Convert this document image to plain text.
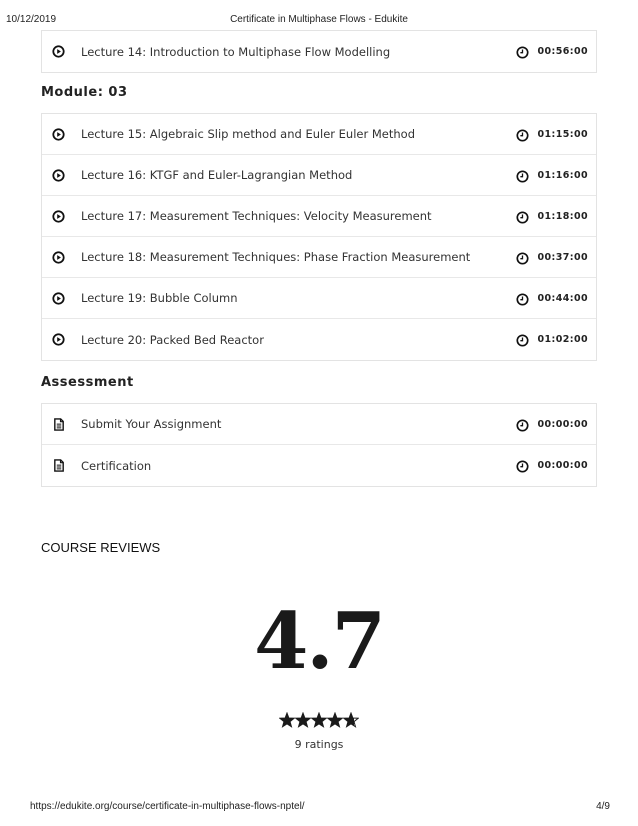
10/12/2019	Certificate in Multiphase Flows - Edukite
Lecture 14: Introduction to Multiphase Flow Modelling	00:56:00
Module: 03
Lecture 15: Algebraic Slip method and Euler Euler Method	01:15:00
Lecture 16: KTGF and Euler-Lagrangian Method	01:16:00
Lecture 17: Measurement Techniques: Velocity Measurement	01:18:00
Lecture 18: Measurement Techniques: Phase Fraction Measurement	00:37:00
Lecture 19: Bubble Column	00:44:00
Lecture 20: Packed Bed Reactor	01:02:00
Assessment
Submit Your Assignment	00:00:00
Certification	00:00:00
COURSE REVIEWS
4.7
9 ratings
https://edukite.org/course/certificate-in-multiphase-flows-nptel/	4/9
